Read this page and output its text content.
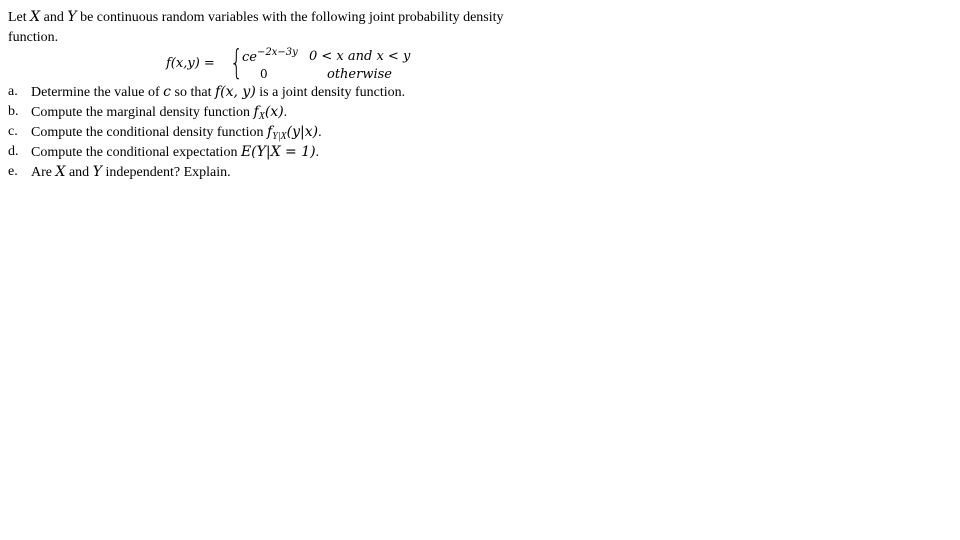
Let X and Y be continuous random variables with the following joint probability density function.

f(x,y) = { $ce^{-2x-3y}$ 0 < x and x < y
0	otherwise
a. Determine the value of c so that f(x, y) is a joint density function.
b. Compute the marginal density function $f_X(x)$.
c. Compute the conditional density function $f_{Y|X}(y|x)$.
d. Compute the conditional expectation E(Y|X = 1).
e. Are X and Y independent? Explain.
